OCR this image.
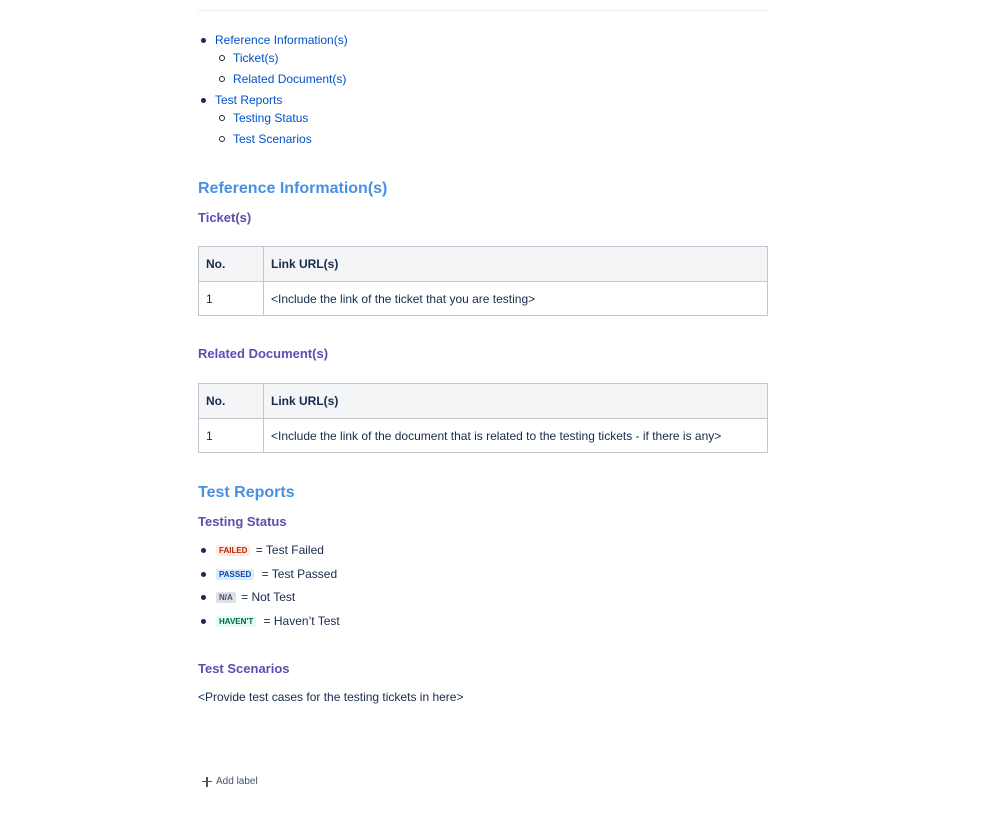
Reference Information(s)
Ticket(s)
Related Document(s)
Test Reports
Testing Status
Test Scenarios
Reference Information(s)
Ticket(s)
No.	Link URL(s)
1	<Include the link of the ticket that you are testing>
Related Document(s)
No.	Link URL(s)
1	<Include the link of the document that is related to the testing tickets - if there is any>
Test Reports
Testing Status
FAILED = Test Failed
PASSED = Test Passed
N/A = Not Test
HAVEN'T = Haven’t Test
Test Scenarios

<Provide test cases for the testing tickets in here>

Add label
